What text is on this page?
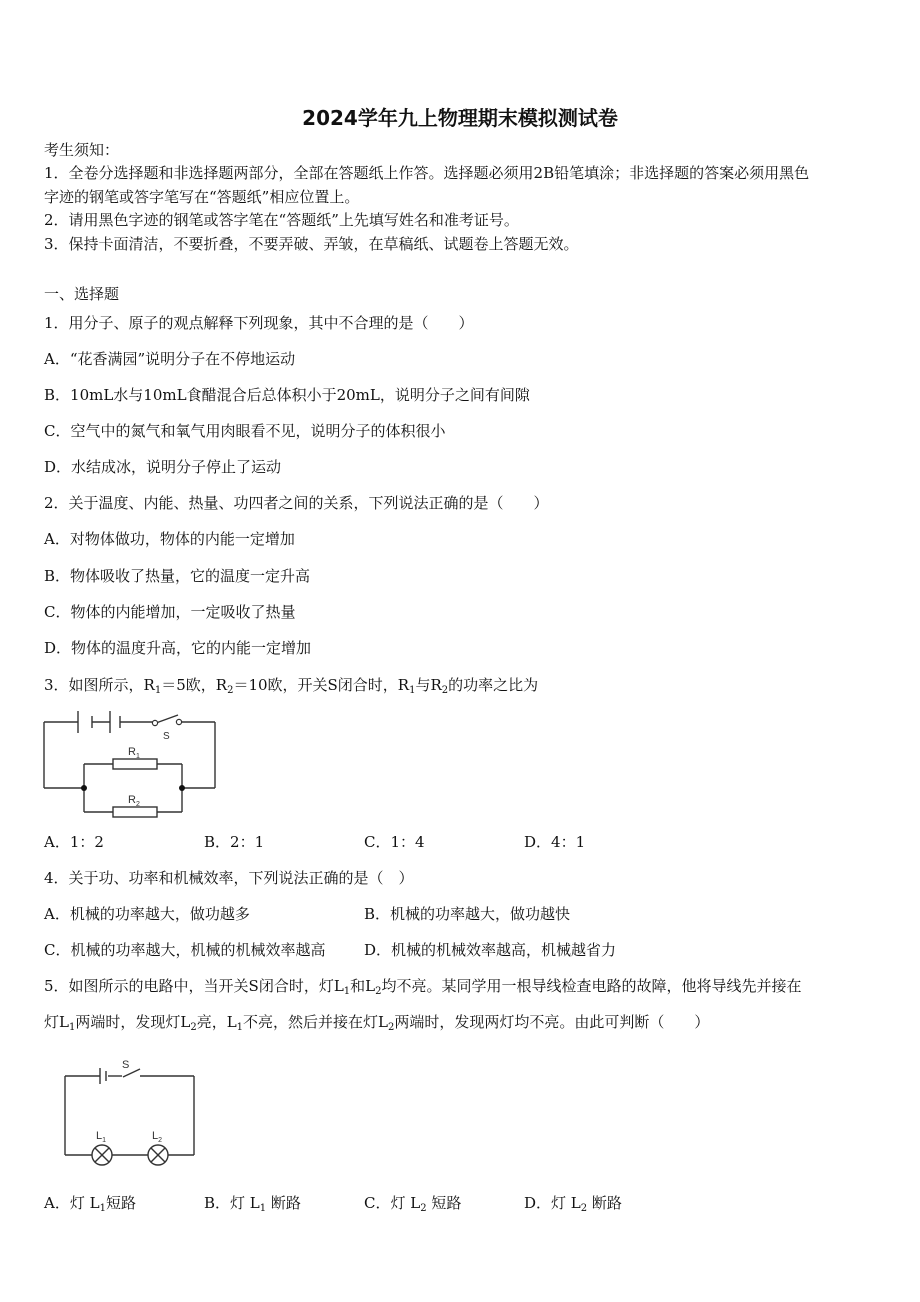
2024学年九上物理期末模拟测试卷
考生须知：
1．全卷分选择题和非选择题两部分，全部在答题纸上作答。选择题必须用2B铅笔填涂；非选择题的答案必须用黑色
字迹的钢笔或答字笔写在“答题纸”相应位置上。
2．请用黑色字迹的钢笔或答字笔在“答题纸”上先填写姓名和准考证号。
3．保持卡面清洁，不要折叠，不要弄破、弄皱，在草稿纸、试题卷上答题无效。
一、选择题
1．用分子、原子的观点解释下列现象，其中不合理的是（　　）
A．“花香满园”说明分子在不停地运动
B．10mL水与10mL食醋混合后总体积小于20mL，说明分子之间有间隙
C．空气中的氮气和氧气用肉眼看不见，说明分子的体积很小
D．水结成冰，说明分子停止了运动
2．关于温度、内能、热量、功四者之间的关系，下列说法正确的是（　　）
A．对物体做功，物体的内能一定增加
B．物体吸收了热量，它的温度一定升高
C．物体的内能增加，一定吸收了热量
D．物体的温度升高，它的内能一定增加
3．如图所示，$R_1=5$欧，$R_2=10$欧，开关S闭合时，$R_1$与$R_2$的功率之比为
S
$R_1$
$R_2$
A．1：2	B．2：1	C．1：4	D．4：1
4．关于功、功率和机械效率，下列说法正确的是（　）
A．机械的功率越大，做功越多	B．机械的功率越大，做功越快
C．机械的功率越大，机械的机械效率越高	D．机械的机械效率越高，机械越省力
5．如图所示的电路中，当开关S闭合时，灯$L_1$和$L_2$均不亮。某同学用一根导线检查电路的故障，他将导线先并接在
灯$L_1$两端时，发现灯$L_2$亮，$L_1$不亮，然后并接在灯$L_2$两端时，发现两灯均不亮。由此可判断（　　）
S
$L_1$	$L_2$
A．灯 $L_1$短路	B．灯 $L_1$ 断路	C．灯 $L_2$ 短路	D．灯 $L_2$ 断路
